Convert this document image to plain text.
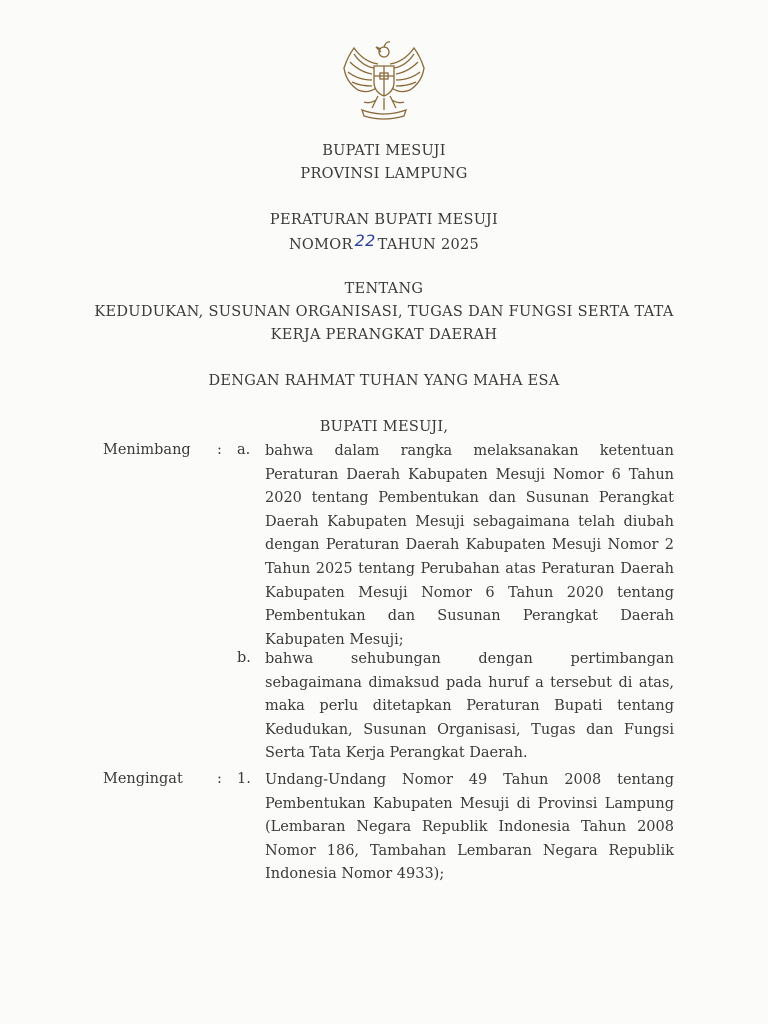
BUPATI MESUJI
PROVINSI LAMPUNG
PERATURAN BUPATI MESUJI
NOMOR 22 TAHUN 2025
TENTANG
KEDUDUKAN, SUSUNAN ORGANISASI, TUGAS DAN FUNGSI SERTA TATA
KERJA PERANGKAT DAERAH
DENGAN RAHMAT TUHAN YANG MAHA ESA
BUPATI MESUJI,
Menimbang : a. bahwa dalam rangka melaksanakan ketentuan Peraturan Daerah Kabupaten Mesuji Nomor 6 Tahun 2020 tentang Pembentukan dan Susunan Perangkat Daerah Kabupaten Mesuji sebagaimana telah diubah dengan Peraturan Daerah Kabupaten Mesuji Nomor 2 Tahun 2025 tentang Perubahan atas Peraturan Daerah Kabupaten Mesuji Nomor 6 Tahun 2020 tentang Pembentukan dan Susunan Perangkat Daerah Kabupaten Mesuji;
b. bahwa sehubungan dengan pertimbangan sebagaimana dimaksud pada huruf a tersebut di atas, maka perlu ditetapkan Peraturan Bupati tentang Kedudukan, Susunan Organisasi, Tugas dan Fungsi Serta Tata Kerja Perangkat Daerah.
Mengingat : 1. Undang-Undang Nomor 49 Tahun 2008 tentang Pembentukan Kabupaten Mesuji di Provinsi Lampung (Lembaran Negara Republik Indonesia Tahun 2008 Nomor 186, Tambahan Lembaran Negara Republik Indonesia Nomor 4933);
